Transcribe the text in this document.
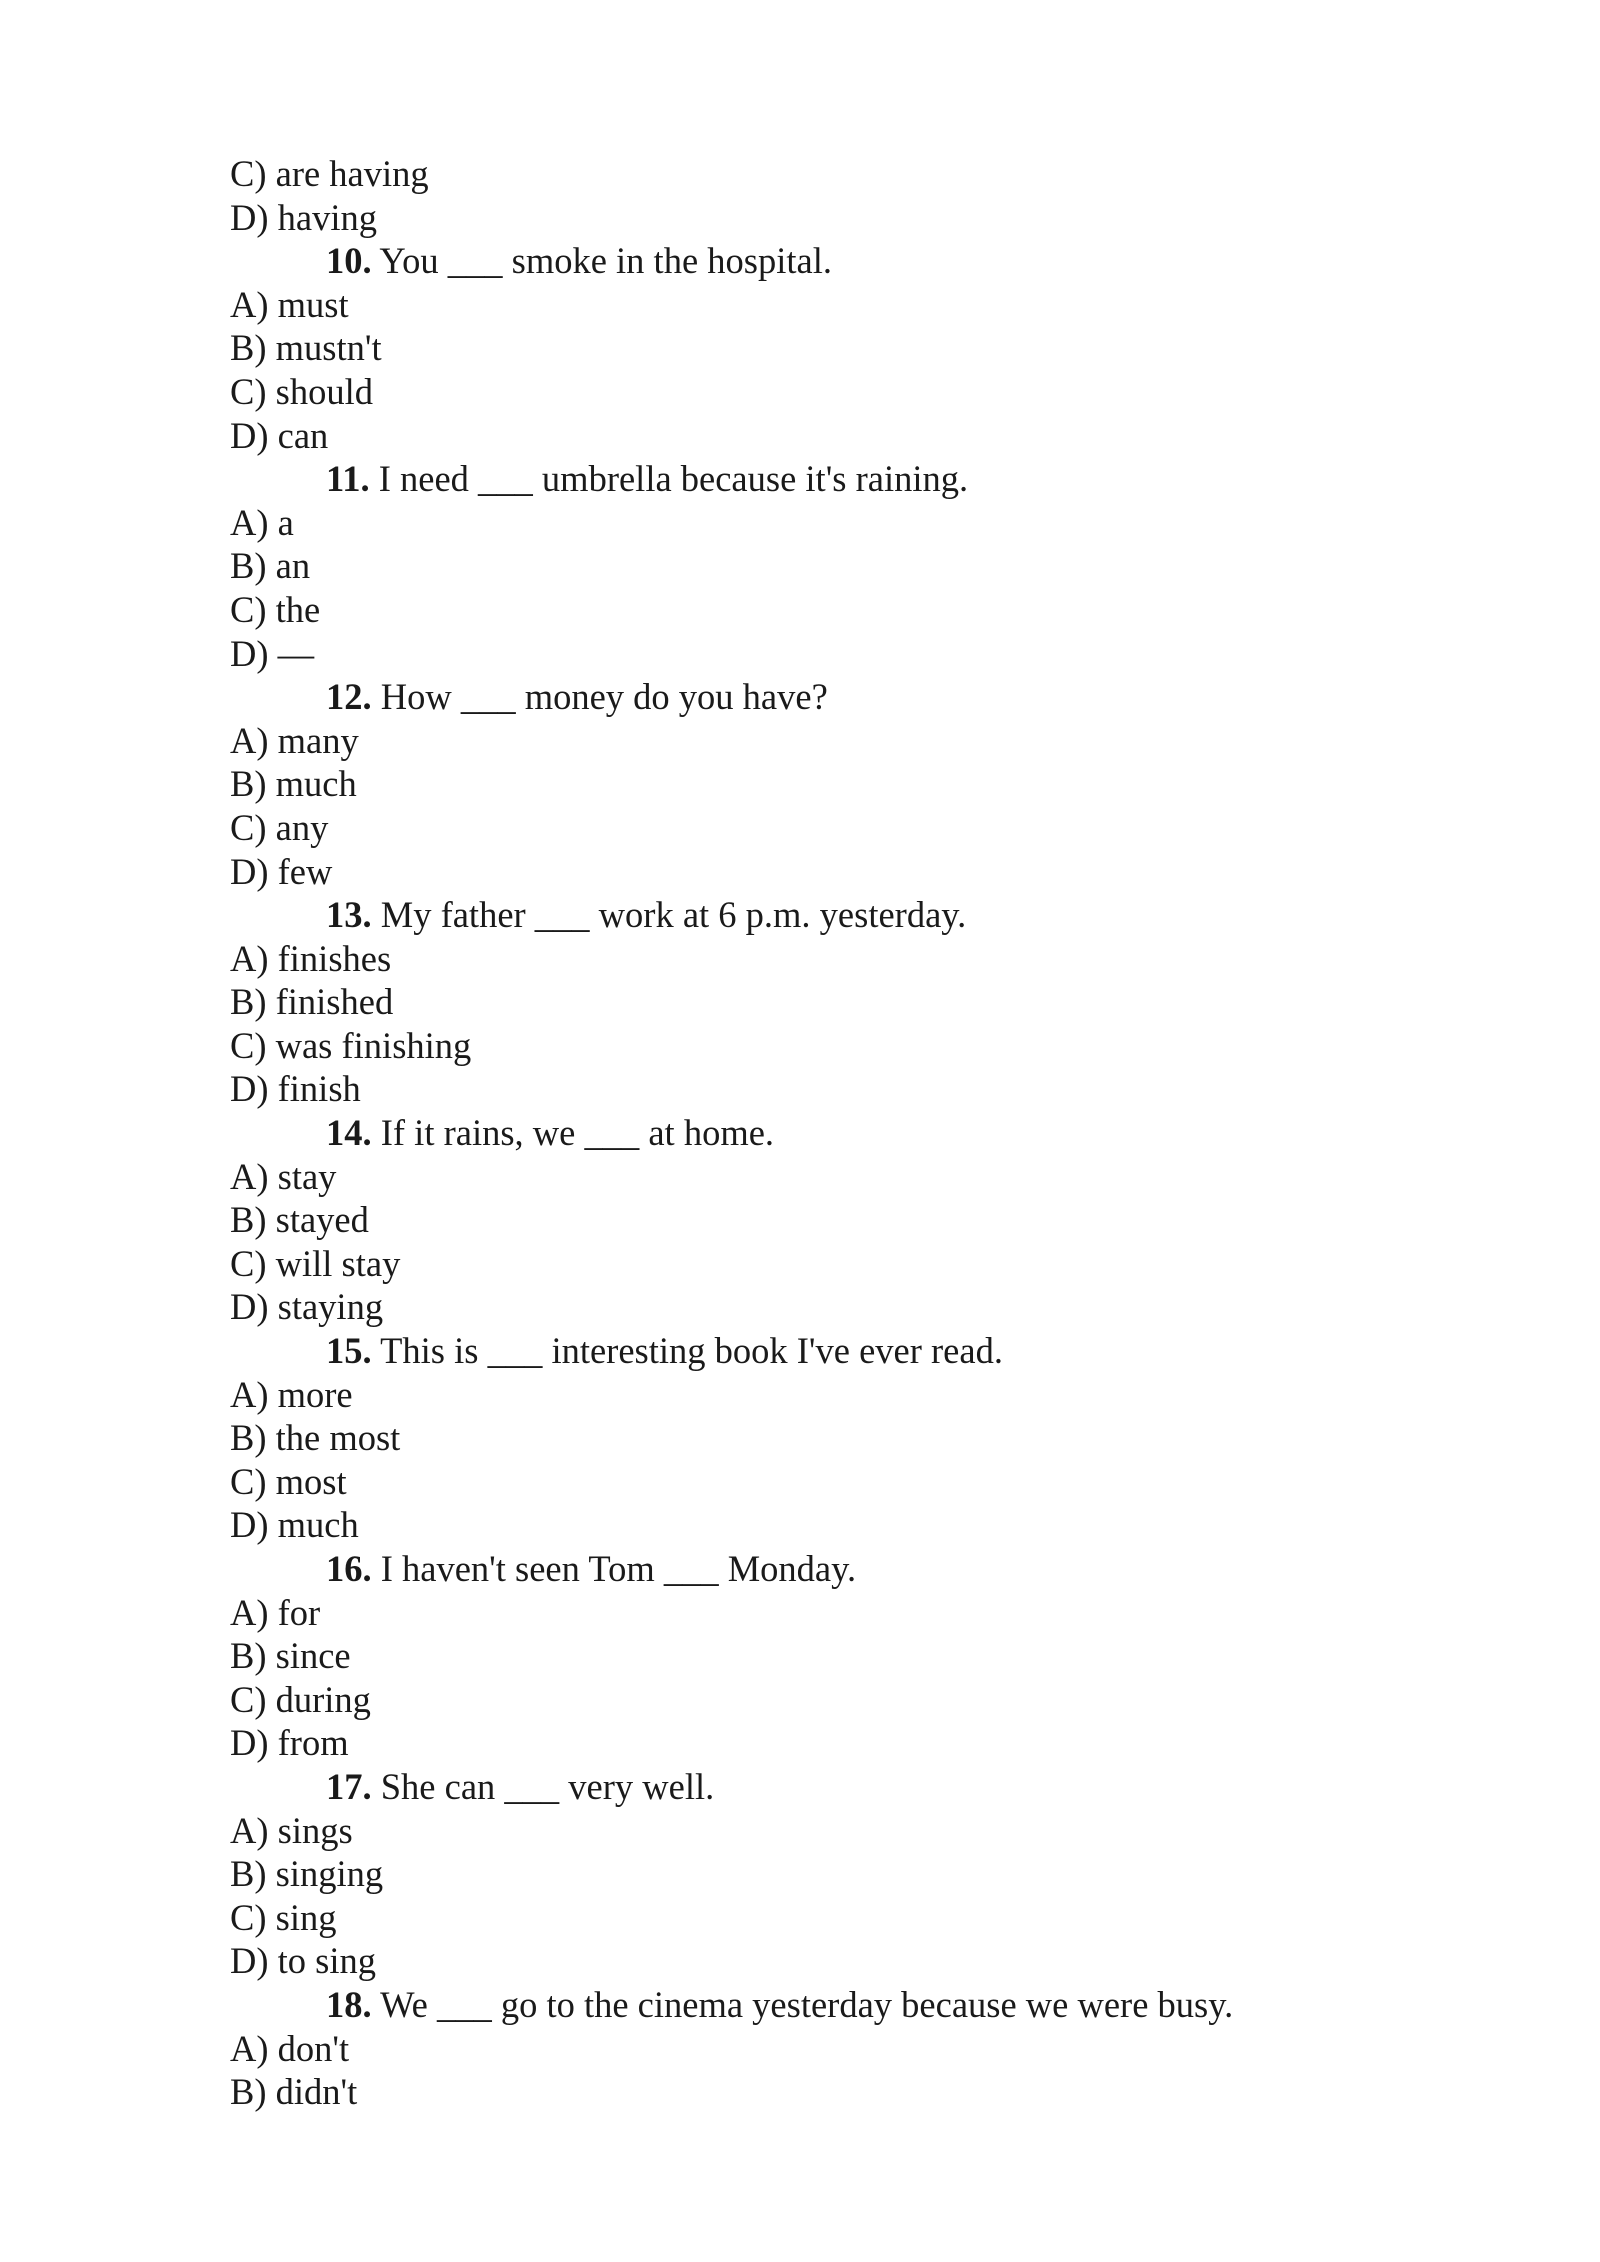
C) are having
D) having
10. You ___ smoke in the hospital.
A) must
B) mustn't
C) should
D) can
11. I need ___ umbrella because it's raining.
A) a
B) an
C) the
D) —
12. How ___ money do you have?
A) many
B) much
C) any
D) few
13. My father ___ work at 6 p.m. yesterday.
A) finishes
B) finished
C) was finishing
D) finish
14. If it rains, we ___ at home.
A) stay
B) stayed
C) will stay
D) staying
15. This is ___ interesting book I've ever read.
A) more
B) the most
C) most
D) much
16. I haven't seen Tom ___ Monday.
A) for
B) since
C) during
D) from
17. She can ___ very well.
A) sings
B) singing
C) sing
D) to sing
18. We ___ go to the cinema yesterday because we were busy.
A) don't
B) didn't
